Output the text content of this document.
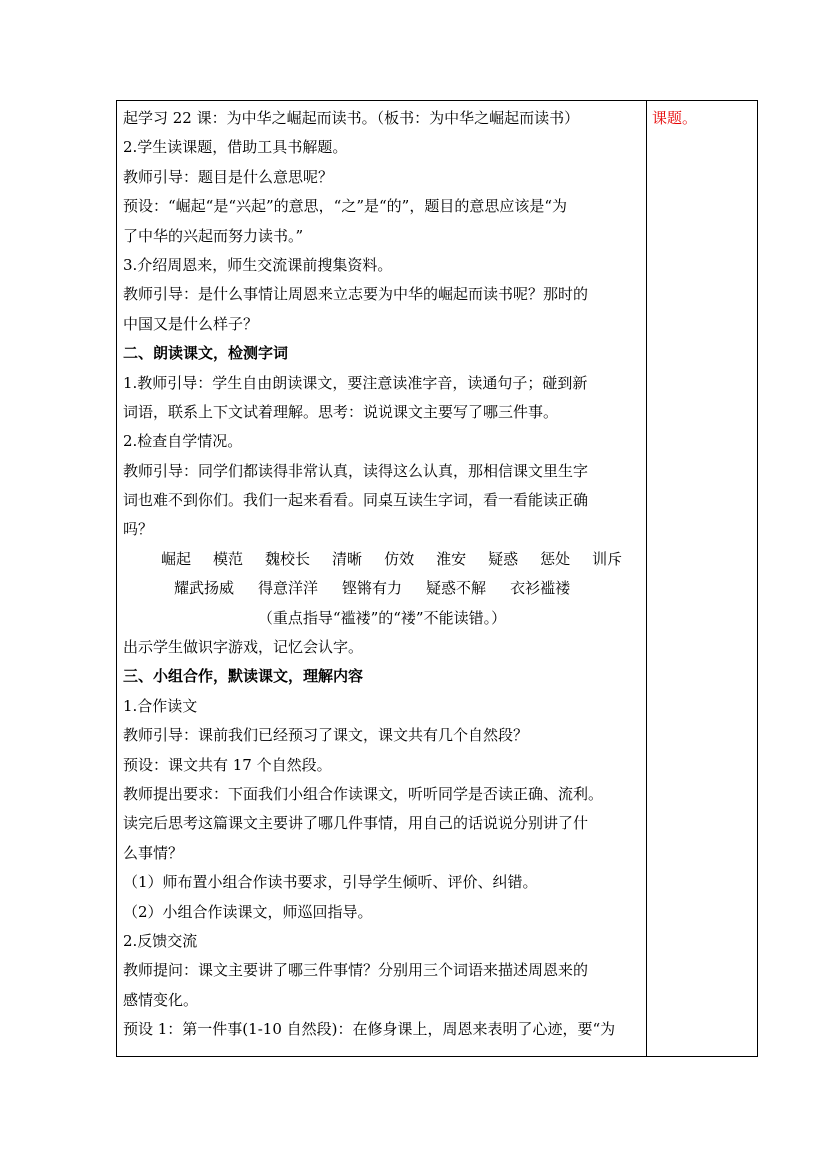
起学习 22 课：为中华之崛起而读书。（板书：为中华之崛起而读书）
2.学生读课题，借助工具书解题。
教师引导：题目是什么意思呢？
预设：“崛起“是“兴起”的意思，“之”是“的”，题目的意思应该是“为
了中华的兴起而努力读书。”
3.介绍周恩来，师生交流课前搜集资料。
教师引导：是什么事情让周恩来立志要为中华的崛起而读书呢？那时的
中国又是什么样子？
二、朗读课文，检测字词
1.教师引导：学生自由朗读课文，要注意读准字音，读通句子；碰到新
词语，联系上下文试着理解。思考：说说课文主要写了哪三件事。
2.检查自学情况。
教师引导：同学们都读得非常认真，读得这么认真，那相信课文里生字
词也难不到你们。我们一起来看看。同桌互读生字词，看一看能读正确
吗？
崛起 模范 魏校长 清晰 仿效 淮安 疑惑 惩处 训斥
耀武扬威 得意洋洋 铿锵有力 疑惑不解 衣衫褴褛
（重点指导“褴褛”的“褛”不能读错。）
出示学生做识字游戏，记忆会认字。
三、小组合作，默读课文，理解内容
1.合作读文
教师引导：课前我们已经预习了课文，课文共有几个自然段？
预设：课文共有 17 个自然段。
教师提出要求：下面我们小组合作读课文，听听同学是否读正确、流利。
读完后思考这篇课文主要讲了哪几件事情，用自己的话说说分别讲了什
么事情？
（1）师布置小组合作读书要求，引导学生倾听、评价、纠错。
（2）小组合作读课文，师巡回指导。
2.反馈交流
教师提问：课文主要讲了哪三件事情？分别用三个词语来描述周恩来的
感情变化。
预设 1：第一件事(1-10 自然段)：在修身课上，周恩来表明了心迹，要“为
课题。
